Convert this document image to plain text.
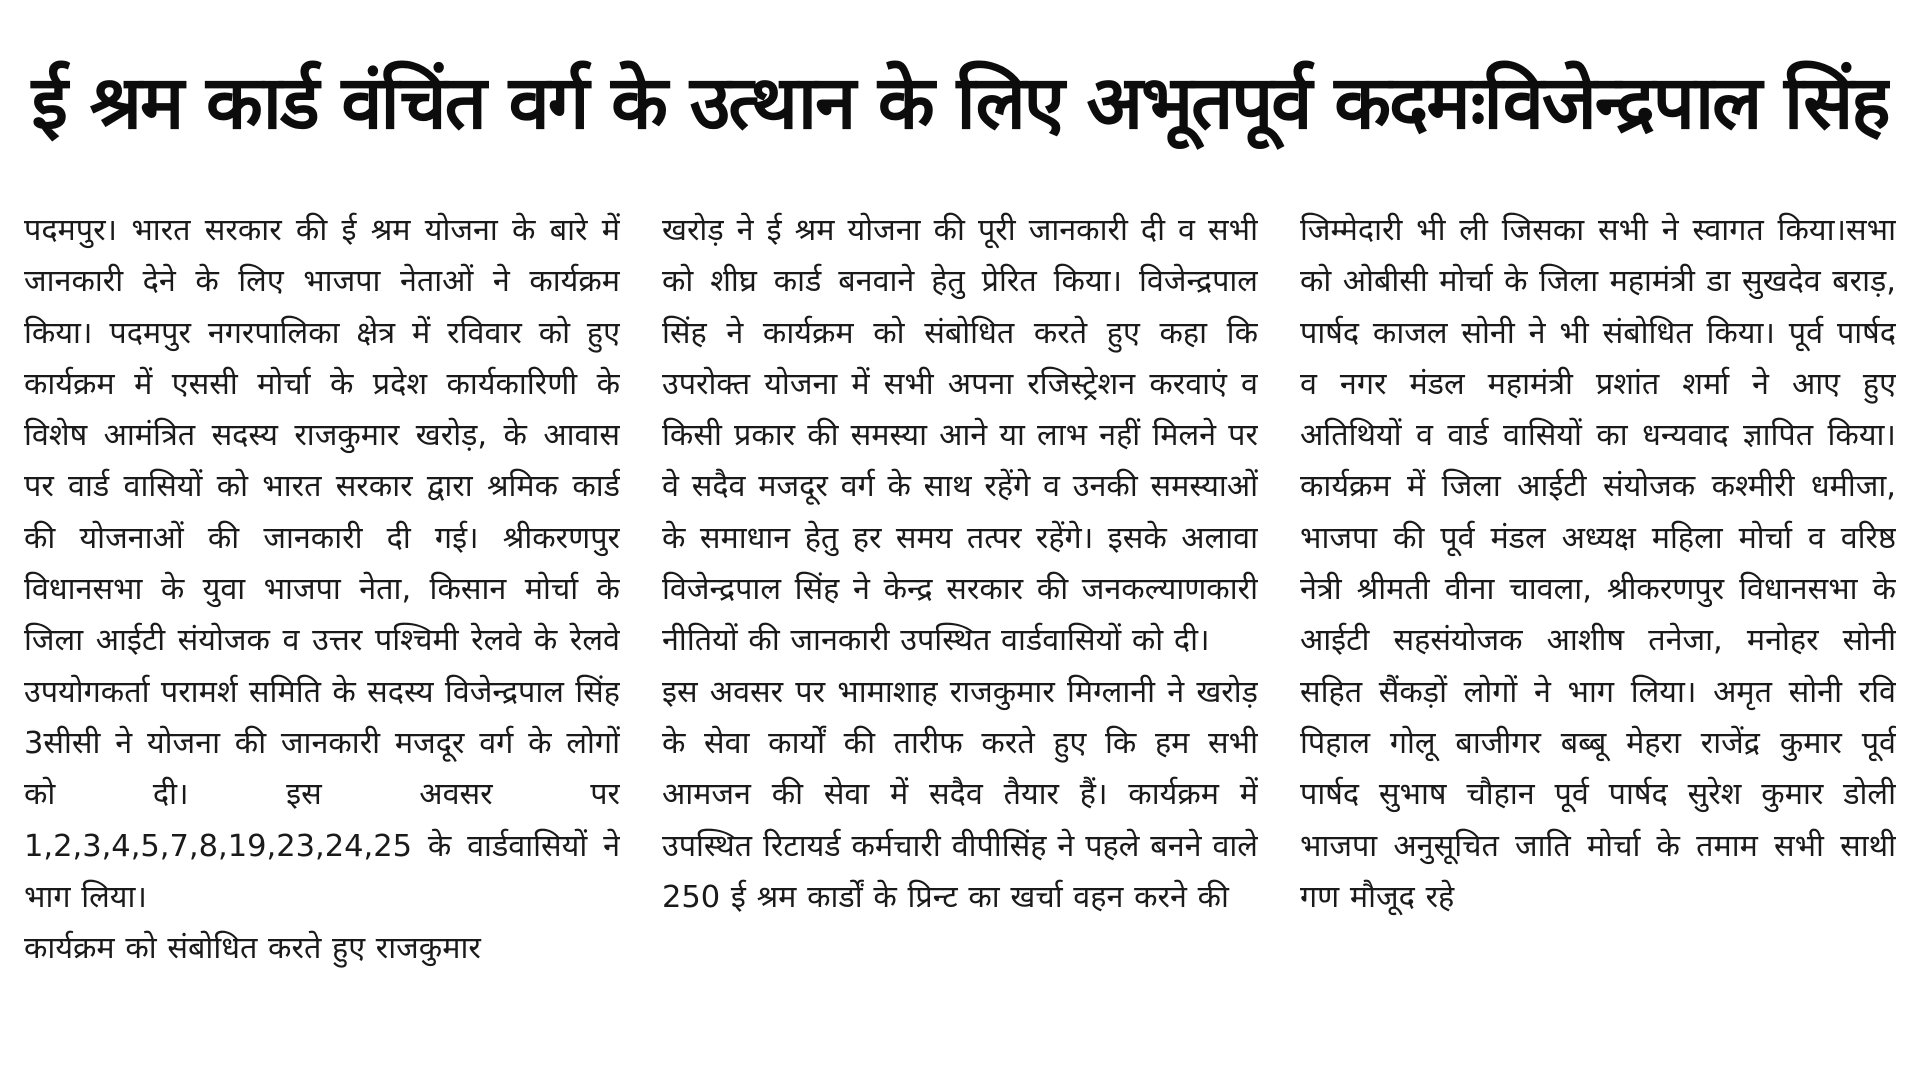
ई श्रम कार्ड वंचिंत वर्ग के उत्थान के लिए अभूतपूर्व कदमःविजेन्द्रपाल सिंह

पदमपुर। भारत सरकार की ई श्रम योजना के बारे में जानकारी देने के लिए भाजपा नेताओं ने कार्यक्रम किया। पदमपुर नगरपालिका क्षेत्र में रविवार को हुए कार्यक्रम में एससी मोर्चा के प्रदेश कार्यकारिणी के विशेष आमंत्रित सदस्य राजकुमार खरोड़, के आवास पर वार्ड वासियों को भारत सरकार द्वारा श्रमिक कार्ड की योजनाओं की जानकारी दी गई। श्रीकरणपुर विधानसभा के युवा भाजपा नेता, किसान मोर्चा के जिला आईटी संयोजक व उत्तर पश्चिमी रेलवे के रेलवे उपयोगकर्ता परामर्श समिति के सदस्य विजेन्द्रपाल सिंह 3सीसी ने योजना की जानकारी मजदूर वर्ग के लोगों को दी। इस अवसर पर 1,2,3,4,5,7,8,19,23,24,25 के वार्डवासियों ने भाग लिया।

कार्यक्रम को संबोधित करते हुए राजकुमार

खरोड़ ने ई श्रम योजना की पूरी जानकारी दी व सभी को शीघ्र कार्ड बनवाने हेतु प्रेरित किया। विजेन्द्रपाल सिंह ने कार्यक्रम को संबोधित करते हुए कहा कि उपरोक्त योजना में सभी अपना रजिस्ट्रेशन करवाएं व किसी प्रकार की समस्या आने या लाभ नहीं मिलने पर वे सदैव मजदूर वर्ग के साथ रहेंगे व उनकी समस्याओं के समाधान हेतु हर समय तत्पर रहेंगे। इसके अलावा विजेन्द्रपाल सिंह ने केन्द्र सरकार की जनकल्याणकारी नीतियों की जानकारी उपस्थित वार्डवासियों को दी।

इस अवसर पर भामाशाह राजकुमार मिग्लानी ने खरोड़ के सेवा कार्यों की तारीफ करते हुए कि हम सभी आमजन की सेवा में सदैव तैयार हैं। कार्यक्रम में उपस्थित रिटायर्ड कर्मचारी वीपीसिंह ने पहले बनने वाले 250 ई श्रम कार्डों के प्रिन्ट का खर्चा वहन करने की

जिम्मेदारी भी ली जिसका सभी ने स्वागत किया।सभा को ओबीसी मोर्चा के जिला महामंत्री डा सुखदेव बराड़, पार्षद काजल सोनी ने भी संबोधित किया। पूर्व पार्षद व नगर मंडल महामंत्री प्रशांत शर्मा ने आए हुए अतिथियों व वार्ड वासियों का धन्यवाद ज्ञापित किया। कार्यक्रम में जिला आईटी संयोजक कश्मीरी धमीजा, भाजपा की पूर्व मंडल अध्यक्ष महिला मोर्चा व वरिष्ठ नेत्री श्रीमती वीना चावला, श्रीकरणपुर विधानसभा के आईटी सहसंयोजक आशीष तनेजा, मनोहर सोनी सहित सैंकड़ों लोगों ने भाग लिया। अमृत सोनी रवि पिहाल गोलू बाजीगर बब्बू मेहरा राजेंद्र कुमार पूर्व पार्षद सुभाष चौहान पूर्व पार्षद सुरेश कुमार डोली भाजपा अनुसूचित जाति मोर्चा के तमाम सभी साथी गण मौजूद रहे
